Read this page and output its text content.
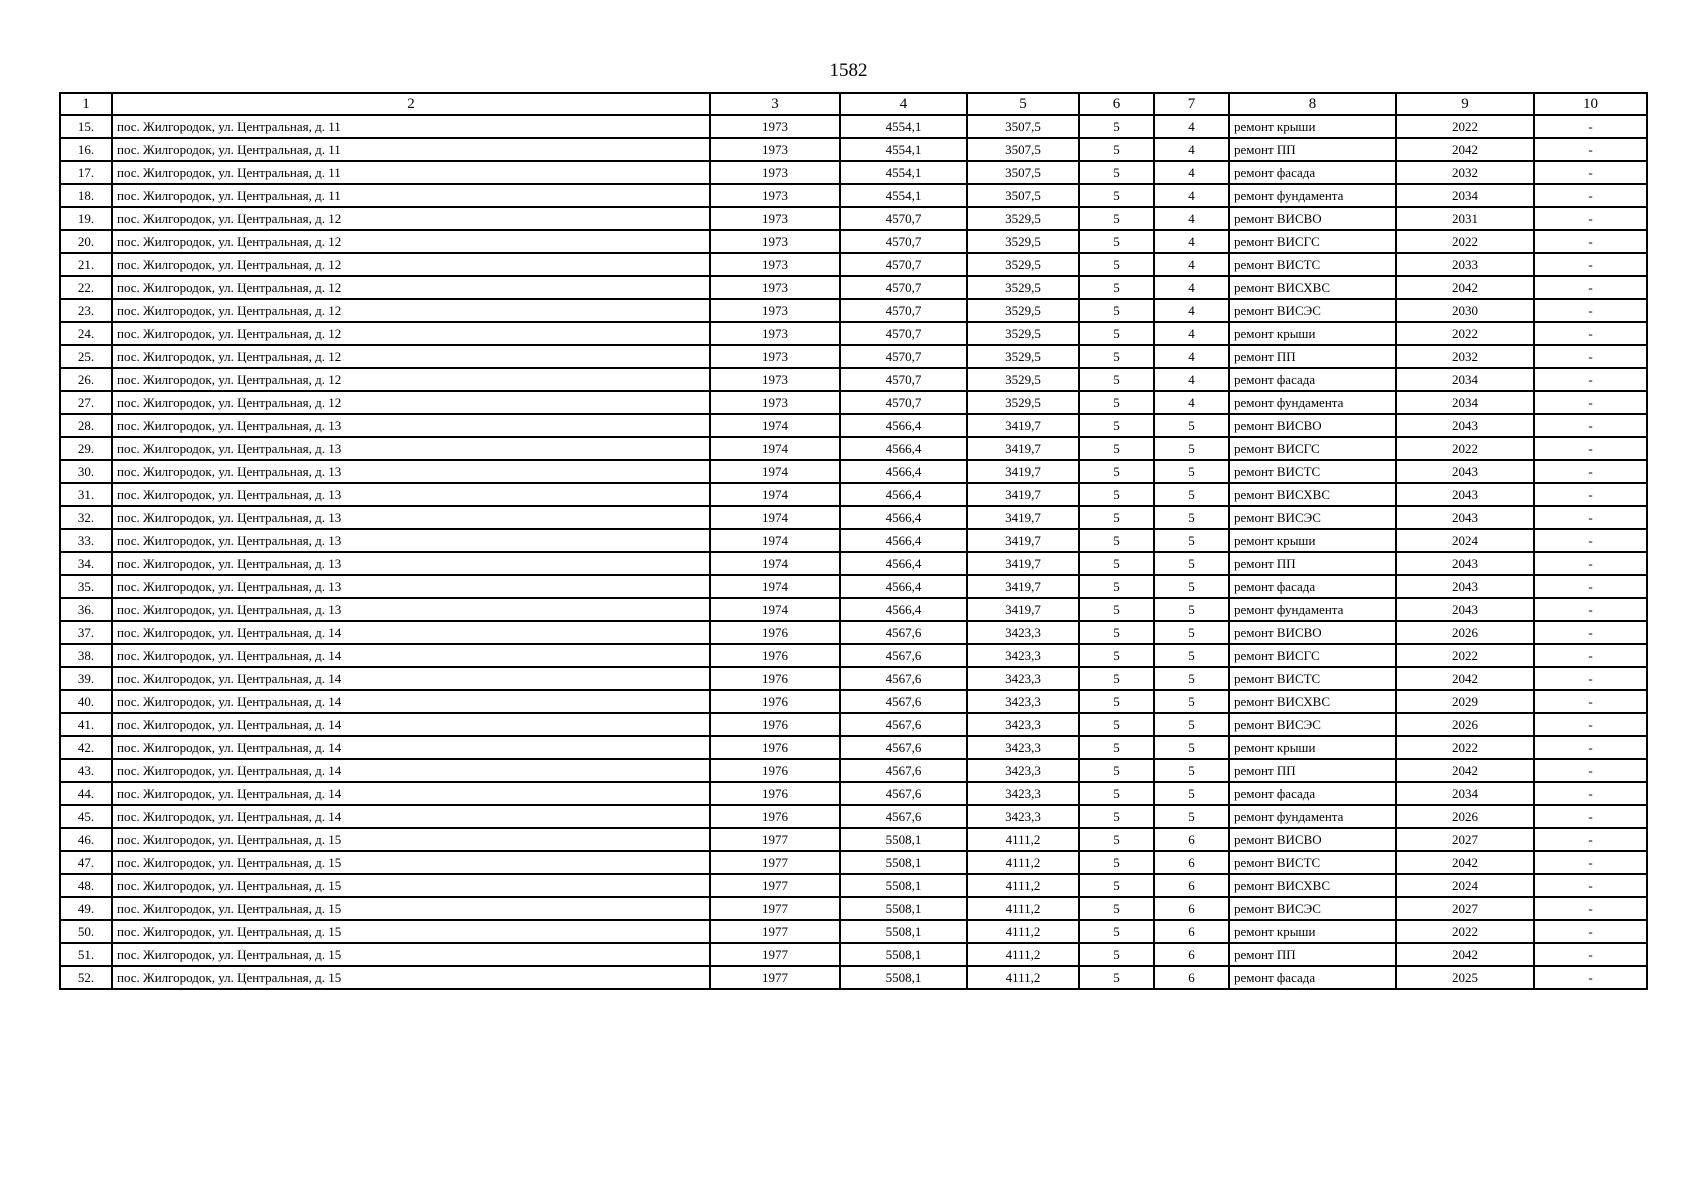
1582
1	2	3	4	5	6	7	8	9	10
15.	пос. Жилгородок, ул. Центральная, д. 11	1973	4554,1	3507,5	5	4	ремонт крыши	2022	-
16.	пос. Жилгородок, ул. Центральная, д. 11	1973	4554,1	3507,5	5	4	ремонт ПП	2042	-
17.	пос. Жилгородок, ул. Центральная, д. 11	1973	4554,1	3507,5	5	4	ремонт фасада	2032	-
18.	пос. Жилгородок, ул. Центральная, д. 11	1973	4554,1	3507,5	5	4	ремонт фундамента	2034	-
19.	пос. Жилгородок, ул. Центральная, д. 12	1973	4570,7	3529,5	5	4	ремонт ВИСВО	2031	-
20.	пос. Жилгородок, ул. Центральная, д. 12	1973	4570,7	3529,5	5	4	ремонт ВИСГС	2022	-
21.	пос. Жилгородок, ул. Центральная, д. 12	1973	4570,7	3529,5	5	4	ремонт ВИСТС	2033	-
22.	пос. Жилгородок, ул. Центральная, д. 12	1973	4570,7	3529,5	5	4	ремонт ВИСХВС	2042	-
23.	пос. Жилгородок, ул. Центральная, д. 12	1973	4570,7	3529,5	5	4	ремонт ВИСЭС	2030	-
24.	пос. Жилгородок, ул. Центральная, д. 12	1973	4570,7	3529,5	5	4	ремонт крыши	2022	-
25.	пос. Жилгородок, ул. Центральная, д. 12	1973	4570,7	3529,5	5	4	ремонт ПП	2032	-
26.	пос. Жилгородок, ул. Центральная, д. 12	1973	4570,7	3529,5	5	4	ремонт фасада	2034	-
27.	пос. Жилгородок, ул. Центральная, д. 12	1973	4570,7	3529,5	5	4	ремонт фундамента	2034	-
28.	пос. Жилгородок, ул. Центральная, д. 13	1974	4566,4	3419,7	5	5	ремонт ВИСВО	2043	-
29.	пос. Жилгородок, ул. Центральная, д. 13	1974	4566,4	3419,7	5	5	ремонт ВИСГС	2022	-
30.	пос. Жилгородок, ул. Центральная, д. 13	1974	4566,4	3419,7	5	5	ремонт ВИСТС	2043	-
31.	пос. Жилгородок, ул. Центральная, д. 13	1974	4566,4	3419,7	5	5	ремонт ВИСХВС	2043	-
32.	пос. Жилгородок, ул. Центральная, д. 13	1974	4566,4	3419,7	5	5	ремонт ВИСЭС	2043	-
33.	пос. Жилгородок, ул. Центральная, д. 13	1974	4566,4	3419,7	5	5	ремонт крыши	2024	-
34.	пос. Жилгородок, ул. Центральная, д. 13	1974	4566,4	3419,7	5	5	ремонт ПП	2043	-
35.	пос. Жилгородок, ул. Центральная, д. 13	1974	4566,4	3419,7	5	5	ремонт фасада	2043	-
36.	пос. Жилгородок, ул. Центральная, д. 13	1974	4566,4	3419,7	5	5	ремонт фундамента	2043	-
37.	пос. Жилгородок, ул. Центральная, д. 14	1976	4567,6	3423,3	5	5	ремонт ВИСВО	2026	-
38.	пос. Жилгородок, ул. Центральная, д. 14	1976	4567,6	3423,3	5	5	ремонт ВИСГС	2022	-
39.	пос. Жилгородок, ул. Центральная, д. 14	1976	4567,6	3423,3	5	5	ремонт ВИСТС	2042	-
40.	пос. Жилгородок, ул. Центральная, д. 14	1976	4567,6	3423,3	5	5	ремонт ВИСХВС	2029	-
41.	пос. Жилгородок, ул. Центральная, д. 14	1976	4567,6	3423,3	5	5	ремонт ВИСЭС	2026	-
42.	пос. Жилгородок, ул. Центральная, д. 14	1976	4567,6	3423,3	5	5	ремонт крыши	2022	-
43.	пос. Жилгородок, ул. Центральная, д. 14	1976	4567,6	3423,3	5	5	ремонт ПП	2042	-
44.	пос. Жилгородок, ул. Центральная, д. 14	1976	4567,6	3423,3	5	5	ремонт фасада	2034	-
45.	пос. Жилгородок, ул. Центральная, д. 14	1976	4567,6	3423,3	5	5	ремонт фундамента	2026	-
46.	пос. Жилгородок, ул. Центральная, д. 15	1977	5508,1	4111,2	5	6	ремонт ВИСВО	2027	-
47.	пос. Жилгородок, ул. Центральная, д. 15	1977	5508,1	4111,2	5	6	ремонт ВИСТС	2042	-
48.	пос. Жилгородок, ул. Центральная, д. 15	1977	5508,1	4111,2	5	6	ремонт ВИСХВС	2024	-
49.	пос. Жилгородок, ул. Центральная, д. 15	1977	5508,1	4111,2	5	6	ремонт ВИСЭС	2027	-
50.	пос. Жилгородок, ул. Центральная, д. 15	1977	5508,1	4111,2	5	6	ремонт крыши	2022	-
51.	пос. Жилгородок, ул. Центральная, д. 15	1977	5508,1	4111,2	5	6	ремонт ПП	2042	-
52.	пос. Жилгородок, ул. Центральная, д. 15	1977	5508,1	4111,2	5	6	ремонт фасада	2025	-
